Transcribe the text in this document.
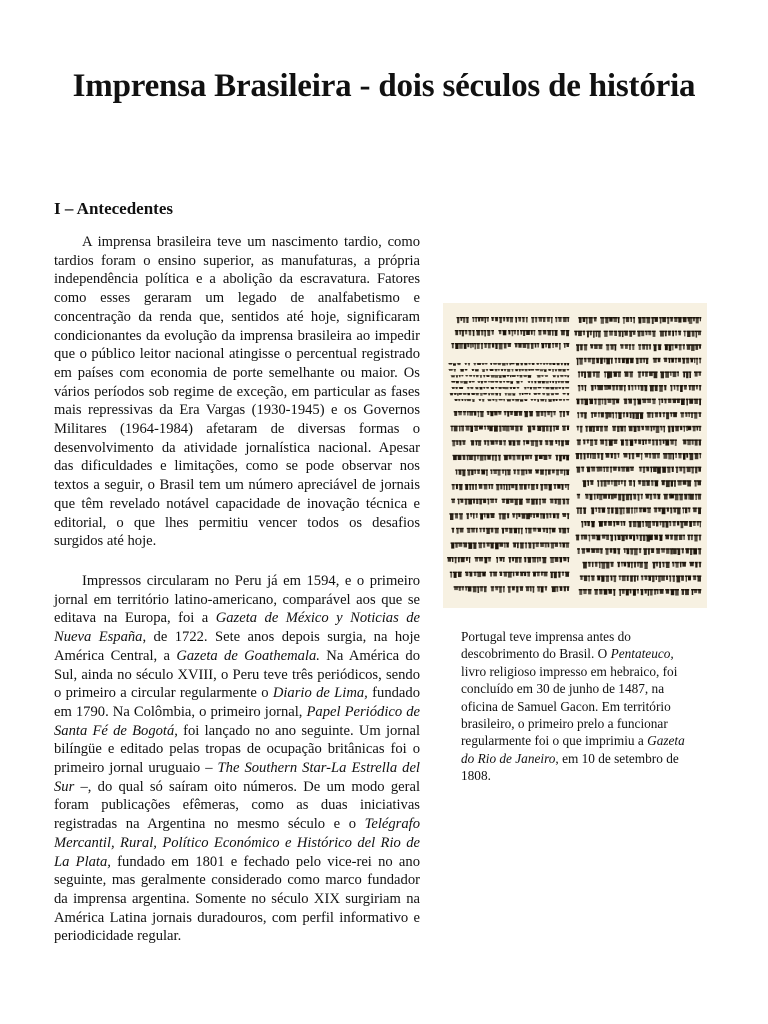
Imprensa Brasileira - dois séculos de história
I – Antecedentes

A imprensa brasileira teve um nascimento tardio, como tardios foram o ensino superior, as manufaturas, a própria independência política e a abolição da escravatura. Fatores como esses geraram um legado de analfabetismo e concentração da renda que, sentidos até hoje, significaram condicionantes da evolução da imprensa brasileira ao impedir que o público leitor nacional atingisse o percentual registrado em países com economia de porte semelhante ou maior. Os vários períodos sob regime de exceção, em particular as fases mais repressivas da Era Vargas (1930-1945) e os Governos Militares (1964-1984) afetaram de diversas formas o desenvolvimento da atividade jornalística nacional. Apesar das dificuldades e limitações, como se pode observar nos textos a seguir, o Brasil tem um número apreciável de jornais que têm revelado notável capacidade de inovação técnica e editorial, o que lhes permitiu vencer todos os desafios surgidos até hoje.

Portugal teve imprensa antes do descobrimento do Brasil. O Pentateuco, livro religioso impresso em hebraico, foi concluído em 30 de junho de 1487, na oficina de Samuel Gacon. Em território brasileiro, o primeiro prelo a funcionar regularmente foi o que imprimiu a Gazeta do Rio de Janeiro, em 10 de setembro de 1808.

Impressos circularam no Peru já em 1594, e o primeiro jornal em território latino-americano, comparável aos que se editava na Europa, foi a Gazeta de México y Noticias de Nueva España, de 1722. Sete anos depois surgia, na hoje América Central, a Gazeta de Goathemala. Na América do Sul, ainda no século XVIII, o Peru teve três periódicos, sendo o primeiro a circular regularmente o Diario de Lima, fundado em 1790. Na Colômbia, o primeiro jornal, Papel Periódico de Santa Fé de Bogotá, foi lançado no ano seguinte. Um jornal bilíngüe e editado pelas tropas de ocupação britânicas foi o primeiro jornal uruguaio – The Southern Star-La Estrella del Sur –, do qual só saíram oito números. De um modo geral foram publicações efêmeras, como as duas iniciativas registradas na Argentina no mesmo século e o Telégrafo Mercantil, Rural, Político Económico e Histórico del Rio de La Plata, fundado em 1801 e fechado pelo vice-rei no ano seguinte, mas geralmente considerado como marco fundador da imprensa argentina. Somente no século XIX surgiriam na América Latina jornais duradouros, com perfil informativo e periodicidade regular.
